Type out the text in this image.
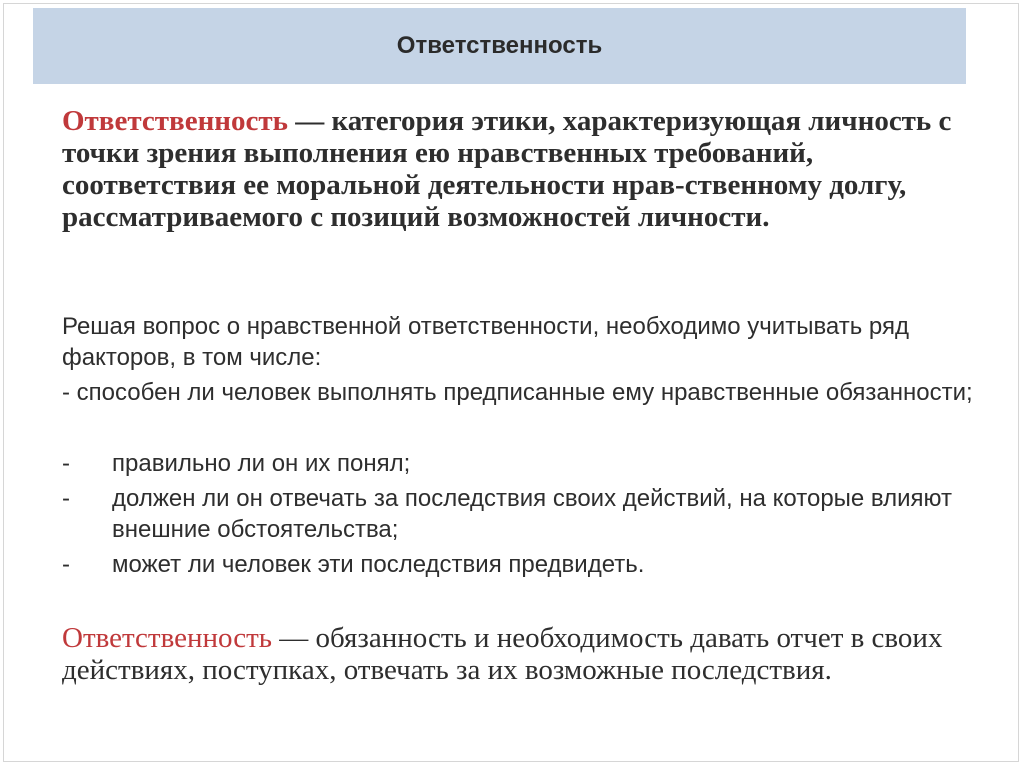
Ответственность
Ответственность — категория этики, характеризующая личность с точки зрения выполнения ею нравственных требований, соответствия ее моральной деятельности нрав-ственному долгу, рассматриваемого с позиций возможностей личности.
Решая вопрос о нравственной ответственности, необходимо учитывать ряд факторов, в том числе:
- способен ли человек выполнять предписанные ему нравственные обязанности;
- правильно ли он их понял;
- должен ли он отвечать за последствия своих действий, на которые влияют внешние обстоятельства;
- может ли человек эти последствия предвидеть.
Ответственность — обязанность и необходимость давать отчет в своих действиях, поступках, отвечать за их возможные последствия.
